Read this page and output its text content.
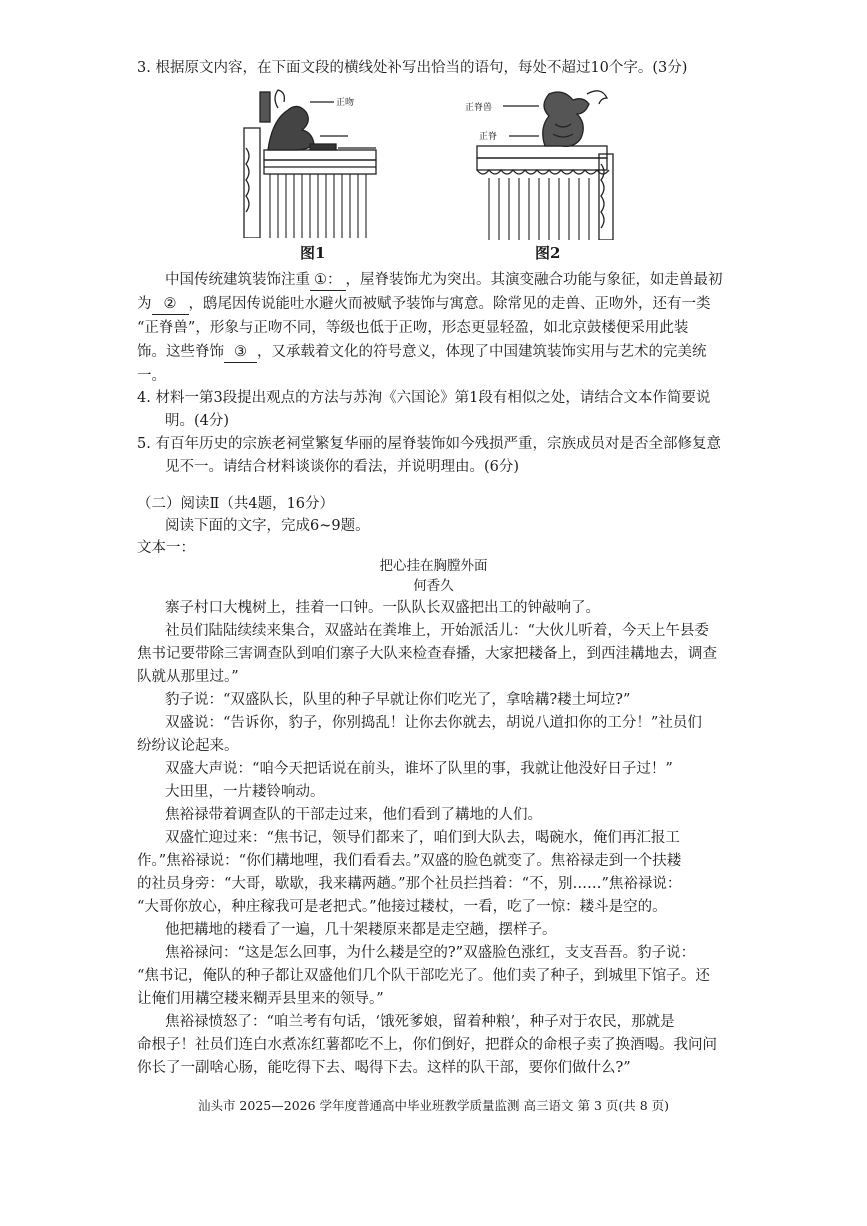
3. 根据原文内容，在下面文段的横线处补写出恰当的语句，每处不超过10个字。(3分)
正吻
图1
正脊兽
正脊
图2
中国传统建筑装饰注重 ①： ，屋脊装饰尤为突出。其演变融合功能与象征，如走兽最初
为 ② ，鸱尾因传说能吐水避火而被赋予装饰与寓意。除常见的走兽、正吻外，还有一类
“正脊兽”，形象与正吻不同，等级也低于正吻，形态更显轻盈，如北京鼓楼便采用此装
饰。这些脊饰 ③ ，又承载着文化的符号意义，体现了中国建筑装饰实用与艺术的完美统
一。
4. 材料一第3段提出观点的方法与苏洵《六国论》第1段有相似之处，请结合文本作简要说
明。(4分)
5. 有百年历史的宗族老祠堂繁复华丽的屋脊装饰如今残损严重，宗族成员对是否全部修复意
见不一。请结合材料谈谈你的看法，并说明理由。(6分)
（二）阅读Ⅱ（共4题，16分）
阅读下面的文字，完成6~9题。
文本一：
把心挂在胸膛外面
何香久
寨子村口大槐树上，挂着一口钟。一队队长双盛把出工的钟敲响了。
社员们陆陆续续来集合，双盛站在粪堆上，开始派活儿：“大伙儿听着，今天上午县委
焦书记要带除三害调查队到咱们寨子大队来检查春播，大家把耧备上，到西洼耩地去，调查
队就从那里过。”
豹子说：“双盛队长，队里的种子早就让你们吃光了，拿啥耩?耧土坷垃?”
双盛说：“告诉你，豹子，你别捣乱！让你去你就去，胡说八道扣你的工分！”社员们
纷纷议论起来。
双盛大声说：“咱今天把话说在前头，谁坏了队里的事，我就让他没好日子过！”
大田里，一片耧铃响动。
焦裕禄带着调查队的干部走过来，他们看到了耩地的人们。
双盛忙迎过来：“焦书记，领导们都来了，咱们到大队去，喝碗水，俺们再汇报工
作。”焦裕禄说：“你们耩地哩，我们看看去。”双盛的脸色就变了。焦裕禄走到一个扶耧
的社员身旁：“大哥，歇歇，我来耩两趟。”那个社员拦挡着：“不，别……”焦裕禄说：
“大哥你放心，种庄稼我可是老把式。”他接过耧杖，一看，吃了一惊：耧斗是空的。
他把耩地的耧看了一遍，几十架耧原来都是走空趟，摆样子。
焦裕禄问：“这是怎么回事，为什么耧是空的?”双盛脸色涨红，支支吾吾。豹子说：
“焦书记，俺队的种子都让双盛他们几个队干部吃光了。他们卖了种子，到城里下馆子。还
让俺们用耩空耧来糊弄县里来的领导。”
焦裕禄愤怒了：“咱兰考有句话，‘饿死爹娘，留着种粮’，种子对于农民，那就是
命根子！社员们连白水煮冻红薯都吃不上，你们倒好，把群众的命根子卖了换酒喝。我问问
你长了一副啥心肠，能吃得下去、喝得下去。这样的队干部，要你们做什么?”
汕头市 2025—2026 学年度普通高中毕业班教学质量监测 高三语文 第 3 页(共 8 页)
